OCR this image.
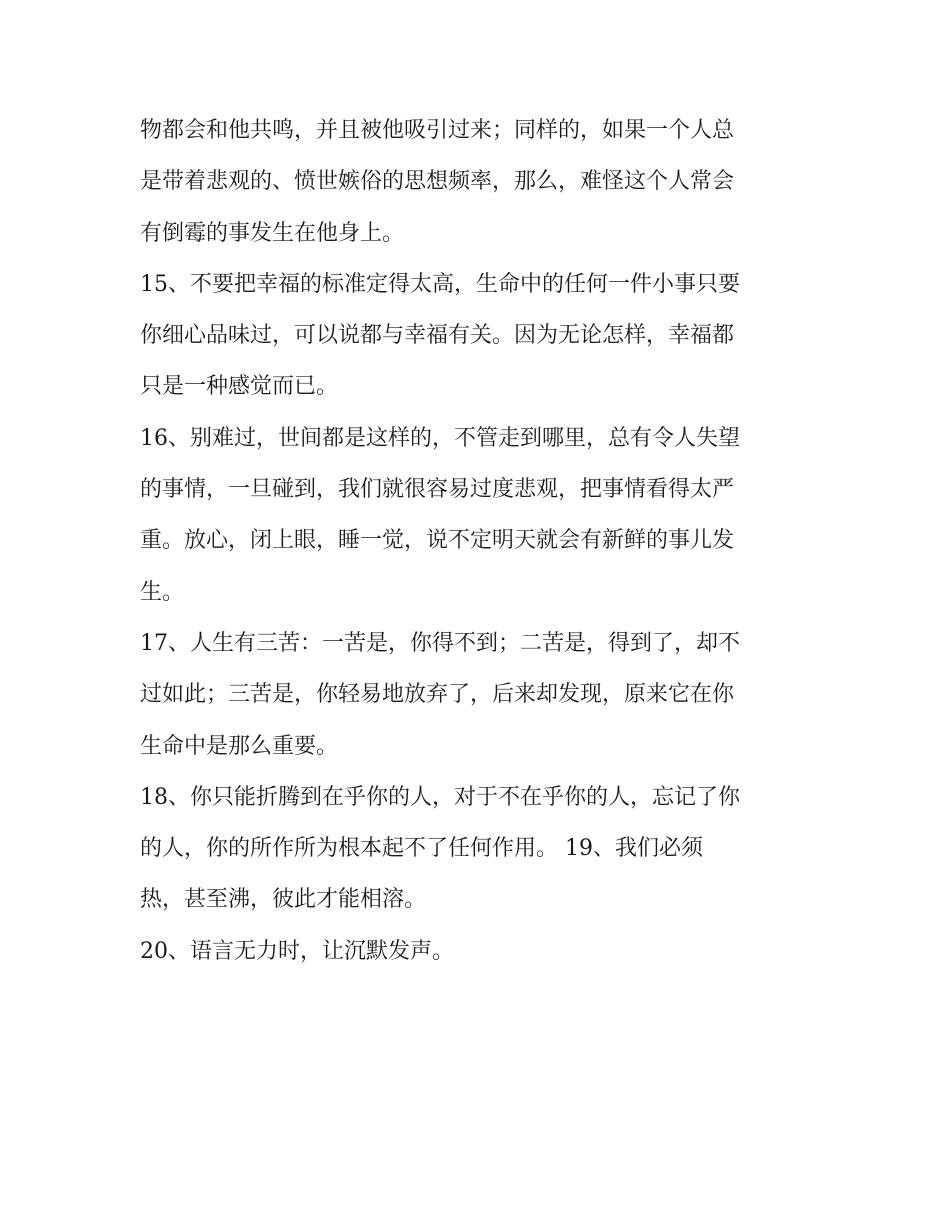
物都会和他共鸣，并且被他吸引过来；同样的，如果一个人总
是带着悲观的、愤世嫉俗的思想频率，那么，难怪这个人常会
有倒霉的事发生在他身上。
15、不要把幸福的标准定得太高，生命中的任何一件小事只要
你细心品味过，可以说都与幸福有关。因为无论怎样，幸福都
只是一种感觉而已。
16、别难过，世间都是这样的，不管走到哪里，总有令人失望
的事情，一旦碰到，我们就很容易过度悲观，把事情看得太严
重。放心，闭上眼，睡一觉，说不定明天就会有新鲜的事儿发
生。
17、人生有三苦：一苦是，你得不到；二苦是，得到了，却不
过如此；三苦是，你轻易地放弃了，后来却发现，原来它在你
生命中是那么重要。
18、你只能折腾到在乎你的人，对于不在乎你的人，忘记了你
的人，你的所作所为根本起不了任何作用。 19、我们必须
热，甚至沸，彼此才能相溶。
20、语言无力时，让沉默发声。
